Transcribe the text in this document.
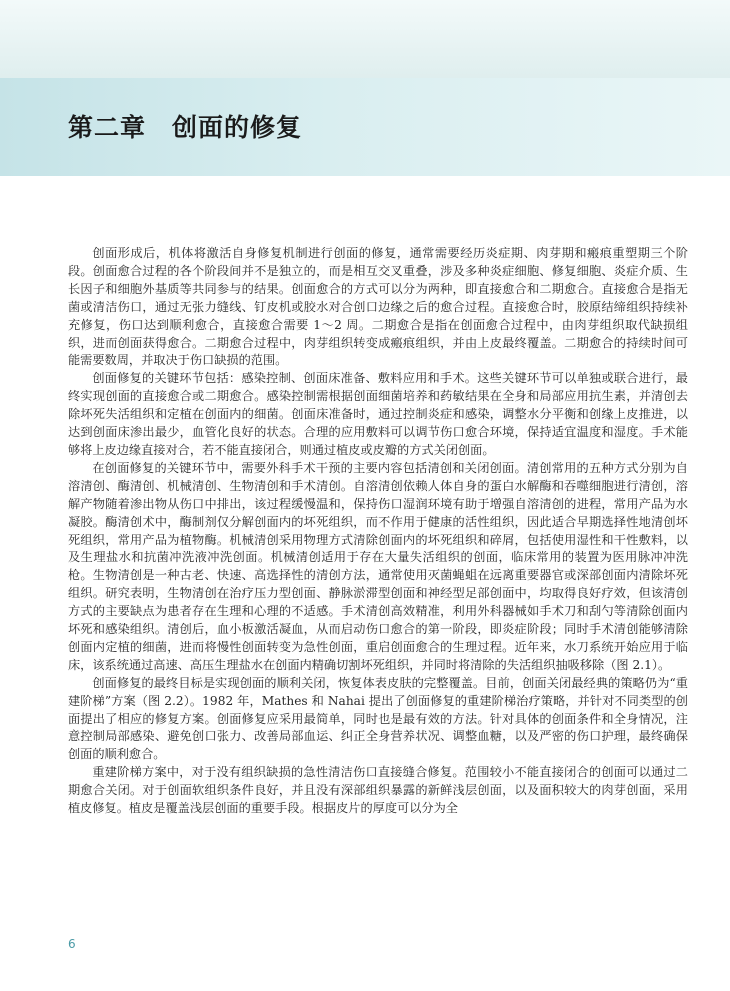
第二章　创面的修复

创面形成后，机体将激活自身修复机制进行创面的修复，通常需要经历炎症期、肉芽期和瘢痕重塑期三个阶段。创面愈合过程的各个阶段间并不是独立的，而是相互交叉重叠，涉及多种炎症细胞、修复细胞、炎症介质、生长因子和细胞外基质等共同参与的结果。创面愈合的方式可以分为两种，即直接愈合和二期愈合。直接愈合是指无菌或清洁伤口，通过无张力缝线、钉皮机或胶水对合创口边缘之后的愈合过程。直接愈合时，胶原结缔组织持续补充修复，伤口达到顺利愈合，直接愈合需要 1～2 周。二期愈合是指在创面愈合过程中，由肉芽组织取代缺损组织，进而创面获得愈合。二期愈合过程中，肉芽组织转变成瘢痕组织，并由上皮最终覆盖。二期愈合的持续时间可能需要数周，并取决于伤口缺损的范围。

创面修复的关键环节包括：感染控制、创面床准备、敷料应用和手术。这些关键环节可以单独或联合进行，最终实现创面的直接愈合或二期愈合。感染控制需根据创面细菌培养和药敏结果在全身和局部应用抗生素，并清创去除坏死失活组织和定植在创面内的细菌。创面床准备时，通过控制炎症和感染，调整水分平衡和创缘上皮推进，以达到创面床渗出最少，血管化良好的状态。合理的应用敷料可以调节伤口愈合环境，保持适宜温度和湿度。手术能够将上皮边缘直接对合，若不能直接闭合，则通过植皮或皮瓣的方式关闭创面。

在创面修复的关键环节中，需要外科手术干预的主要内容包括清创和关闭创面。清创常用的五种方式分别为自溶清创、酶清创、机械清创、生物清创和手术清创。自溶清创依赖人体自身的蛋白水解酶和吞噬细胞进行清创，溶解产物随着渗出物从伤口中排出，该过程缓慢温和，保持伤口湿润环境有助于增强自溶清创的进程，常用产品为水凝胶。酶清创术中，酶制剂仅分解创面内的坏死组织，而不作用于健康的活性组织，因此适合早期选择性地清创坏死组织，常用产品为植物酶。机械清创采用物理方式清除创面内的坏死组织和碎屑，包括使用湿性和干性敷料，以及生理盐水和抗菌冲洗液冲洗创面。机械清创适用于存在大量失活组织的创面，临床常用的装置为医用脉冲冲洗枪。生物清创是一种古老、快速、高选择性的清创方法，通常使用灭菌蝇蛆在远离重要器官或深部创面内清除坏死组织。研究表明，生物清创在治疗压力型创面、静脉淤滞型创面和神经型足部创面中，均取得良好疗效，但该清创方式的主要缺点为患者存在生理和心理的不适感。手术清创高效精准，利用外科器械如手术刀和刮勺等清除创面内坏死和感染组织。清创后，血小板激活凝血，从而启动伤口愈合的第一阶段，即炎症阶段；同时手术清创能够清除创面内定植的细菌，进而将慢性创面转变为急性创面，重启创面愈合的生理过程。近年来，水刀系统开始应用于临床，该系统通过高速、高压生理盐水在创面内精确切割坏死组织，并同时将清除的失活组织抽吸移除（图 2.1）。

创面修复的最终目标是实现创面的顺利关闭，恢复体表皮肤的完整覆盖。目前，创面关闭最经典的策略仍为“重建阶梯”方案（图 2.2）。1982 年，Mathes 和 Nahai 提出了创面修复的重建阶梯治疗策略，并针对不同类型的创面提出了相应的修复方案。创面修复应采用最简单，同时也是最有效的方法。针对具体的创面条件和全身情况，注意控制局部感染、避免创口张力、改善局部血运、纠正全身营养状况、调整血糖，以及严密的伤口护理，最终确保创面的顺利愈合。

重建阶梯方案中，对于没有组织缺损的急性清洁伤口直接缝合修复。范围较小不能直接闭合的创面可以通过二期愈合关闭。对于创面软组织条件良好，并且没有深部组织暴露的新鲜浅层创面，以及面积较大的肉芽创面，采用植皮修复。植皮是覆盖浅层创面的重要手段。根据皮片的厚度可以分为全

6
